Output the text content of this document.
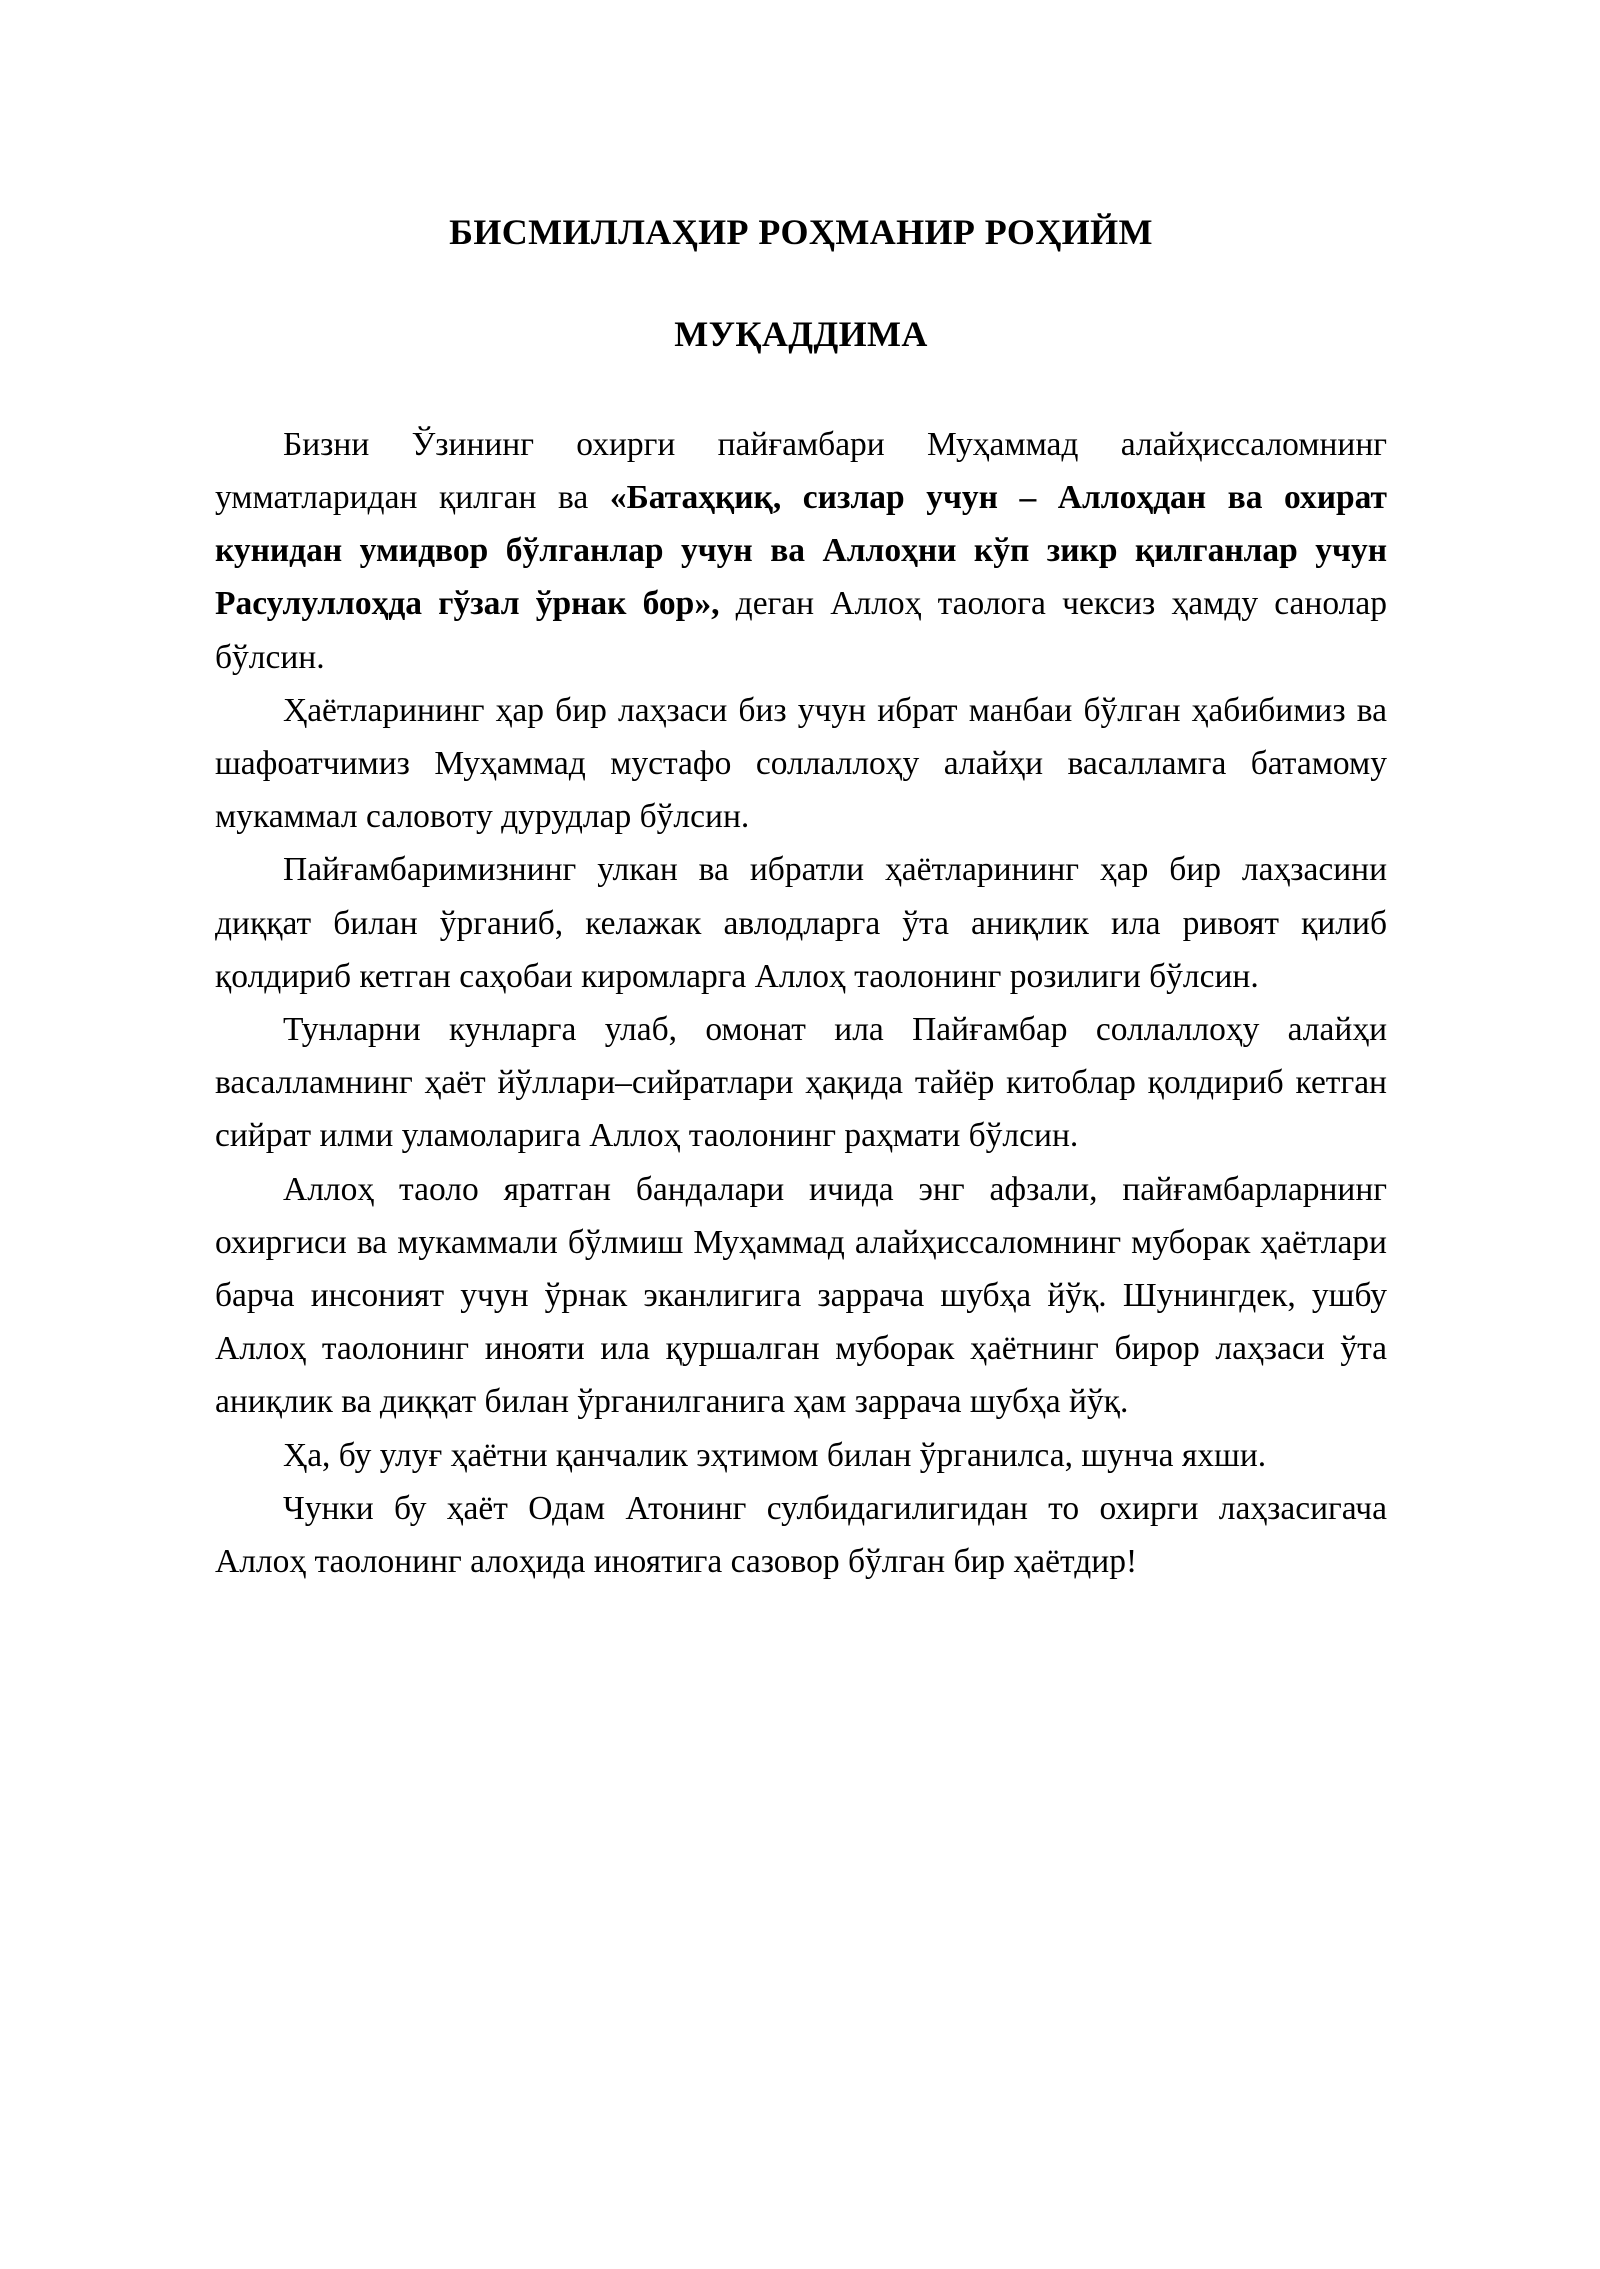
БИСМИЛЛАҲИР РОҲМАНИР РОҲИЙМ
МУҚАДДИМА

Бизни Ўзининг охирги пайғамбари Муҳаммад алайҳиссаломнинг умматларидан қилган ва «Батаҳқиқ, сизлар учун – Аллоҳдан ва охират кунидан умидвор бўлганлар учун ва Аллоҳни кўп зикр қилганлар учун Расулуллоҳда гўзал ўрнак бор», деган Аллоҳ таолога чексиз ҳамду санолар бўлсин.

Ҳаётларининг ҳар бир лаҳзаси биз учун ибрат манбаи бўлган ҳабибимиз ва шафоатчимиз Муҳаммад мустафо соллаллоҳу алайҳи васалламга батамому мукаммал саловоту дурудлар бўлсин.

Пайғамбаримизнинг улкан ва ибратли ҳаётларининг ҳар бир лаҳзасини диққат билан ўрганиб, келажак авлодларга ўта аниқлик ила ривоят қилиб қолдириб кетган саҳобаи киромларга Аллоҳ таолонинг розилиги бўлсин.

Тунларни кунларга улаб, омонат ила Пайғамбар соллаллоҳу алайҳи васалламнинг ҳаёт йўллари–сийратлари ҳақида тайёр китоблар қолдириб кетган сийрат илми уламоларига Аллоҳ таолонинг раҳмати бўлсин.

Аллоҳ таоло яратган бандалари ичида энг афзали, пайғамбарларнинг охиргиси ва мукаммали бўлмиш Муҳаммад алайҳиссаломнинг муборак ҳаётлари барча инсоният учун ўрнак эканлигига заррача шубҳа йўқ. Шунингдек, ушбу Аллоҳ таолонинг инояти ила қуршалган муборак ҳаётнинг бирор лаҳзаси ўта аниқлик ва диққат билан ўрганилганига ҳам заррача шубҳа йўқ.

Ҳа, бу улуғ ҳаётни қанчалик эҳтимом билан ўрганилса, шунча яхши.

Чунки бу ҳаёт Одам Атонинг сулбидагилигидан то охирги лаҳзасигача Аллоҳ таолонинг алоҳида иноятига сазовор бўлган бир ҳаётдир!
